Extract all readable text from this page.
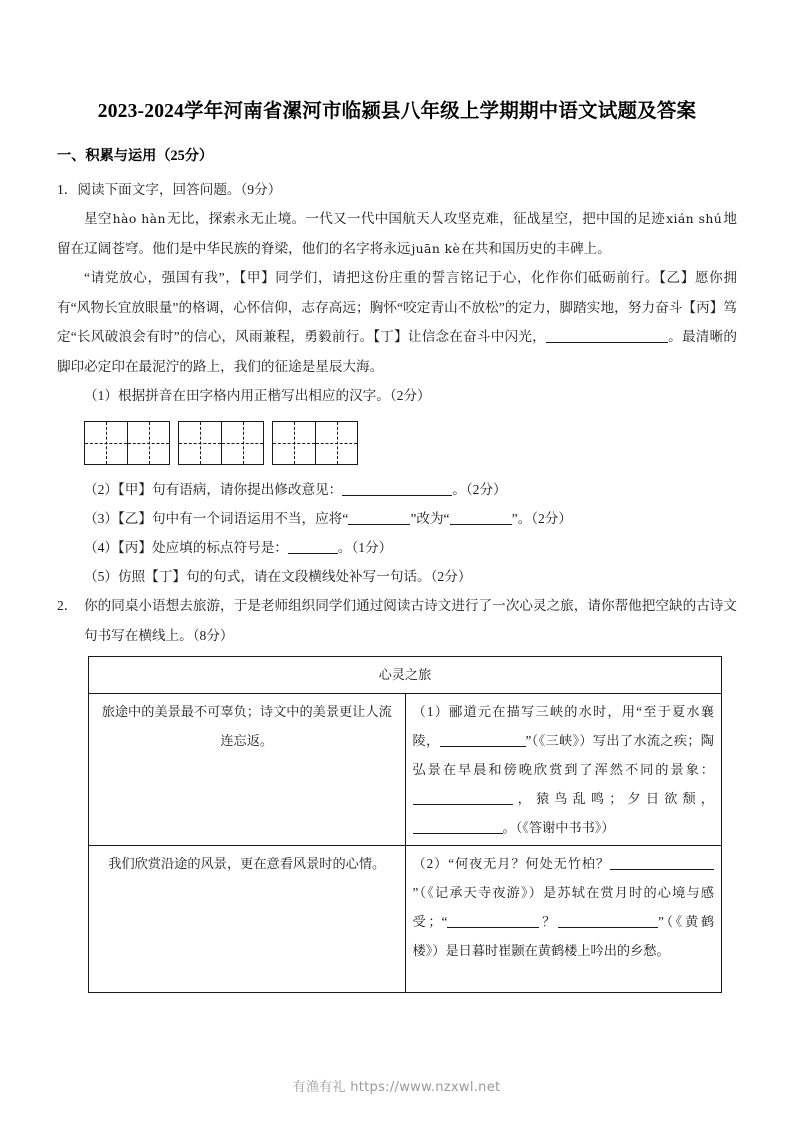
2023-2024学年河南省漯河市临颍县八年级上学期期中语文试题及答案
一、积累与运用（25分）

1．阅读下面文字，回答问题。（9分）

星空hào hàn无比，探索永无止境。一代又一代中国航天人攻坚克难，征战星空，把中国的足迹xián shú地留在辽阔苍穹。他们是中华民族的脊梁，他们的名字将永远juān kè在共和国历史的丰碑上。

“请党放心，强国有我”，【甲】同学们，请把这份庄重的誓言铭记于心，化作你们砥砺前行。【乙】愿你拥有“风物长宜放眼量”的格调，心怀信仰，志存高远；胸怀“咬定青山不放松”的定力，脚踏实地，努力奋斗【丙】笃定“长风破浪会有时”的信心，风雨兼程，勇毅前行。【丁】让信念在奋斗中闪光，	。最清晰的脚印必定印在最泥泞的路上，我们的征途是星辰大海。

（1）根据拼音在田字格内用正楷写出相应的汉字。（2分）

（2）【甲】句有语病，请你提出修改意见：	。（2分）

（3）【乙】句中有一个词语运用不当，应将“	”改为“	”。（2分）

（4）【丙】处应填的标点符号是：	。（1分）

（5）仿照【丁】句的句式，请在文段横线处补写一句话。（2分）

2． 你的同桌小语想去旅游，于是老师组织同学们通过阅读古诗文进行了一次心灵之旅，请你帮他把空缺的古诗文句书写在横线上。（8分）
心灵之旅	
旅途中的美景最不可辜负；诗文中的美景更让人流连忘返。	（1）郦道元在描写三峡的水时，用“至于夏水襄陵， ”（《三峡》）写出了水流之疾；陶弘景在早晨和傍晚欣赏到了浑然不同的景象：，猿鸟乱鸣；夕日欲颓，。（《答谢中书书》）
我们欣赏沿途的风景，更在意看风景时的心情。	（2）“何夜无月？何处无竹柏？”（《记承天寺夜游》）是苏轼在赏月时的心境与感受；“ ？ ”（《黄鹤楼》）是日暮时崔颢在黄鹤楼上吟出的乡愁。
有渔有礼 https://www.nzxwl.net
